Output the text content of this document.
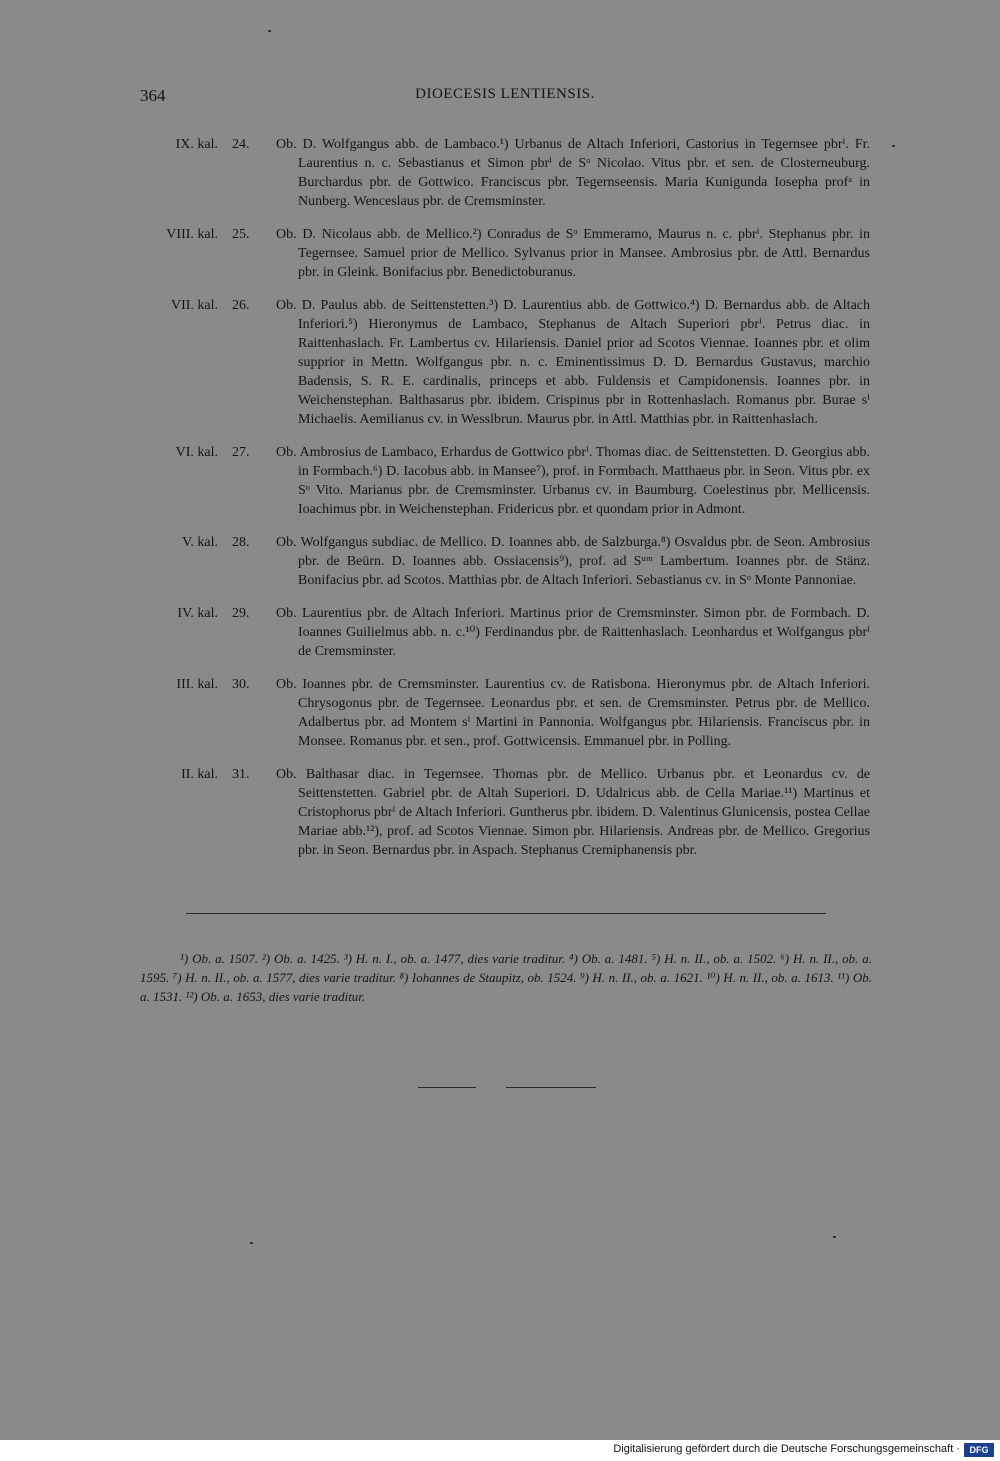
364	DIOECESIS LENTIENSIS.
IX. kal. 24.	Ob. D. Wolfgangus abb. de Lambaco.¹) Urbanus de Altach Inferiori, Castorius in Tegernsee pbrⁱ. Fr. Laurentius n. c. Sebastianus et Simon pbrⁱ de Sᵒ Nicolao. Vitus pbr. et sen. de Closterneuburg. Burchardus pbr. de Gottwico. Franciscus pbr. Tegernseensis. Maria Kunigunda Iosepha profᵃ in Nunberg. Wenceslaus pbr. de Cremsminster.

VIII. kal. 25.	Ob. D. Nicolaus abb. de Mellico.²) Conradus de Sᵒ Emmeramo, Maurus n. c. pbrⁱ. Stephanus pbr. in Tegernsee. Samuel prior de Mellico. Sylvanus prior in Mansee. Ambrosius pbr. de Attl. Bernardus pbr. in Gleink. Bonifacius pbr. Benedictoburanus.

VII. kal. 26.	Ob. D. Paulus abb. de Seittenstetten.³) D. Laurentius abb. de Gottwico.⁴) D. Bernardus abb. de Altach Inferiori.⁵) Hieronymus de Lambaco, Stephanus de Altach Superiori pbrⁱ. Petrus diac. in Raittenhaslach. Fr. Lambertus cv. Hilariensis. Daniel prior ad Scotos Viennae. Ioannes pbr. et olim supprior in Mettn. Wolfgangus pbr. n. c. Eminentissimus D. D. Bernardus Gustavus, marchio Badensis, S. R. E. cardinalis, princeps et abb. Fuldensis et Campidonensis. Ioannes pbr. in Weichenstephan. Balthasarus pbr. ibidem. Crispinus pbr in Rottenhaslach. Romanus pbr. Burae sⁱ Michaelis. Aemilianus cv. in Wesslbrun. Maurus pbr. in Attl. Matthias pbr. in Raittenhaslach.

VI. kal. 27.	Ob. Ambrosius de Lambaco, Erhardus de Gottwico pbrⁱ. Thomas diac. de Seittenstetten. D. Georgius abb. in Formbach.⁶) D. Iacobus abb. in Mansee⁷), prof. in Formbach. Matthaeus pbr. in Seon. Vitus pbr. ex Sᵒ Vito. Marianus pbr. de Cremsminster. Urbanus cv. in Baumburg. Coelestinus pbr. Mellicensis. Ioachimus pbr. in Weichenstephan. Fridericus pbr. et quondam prior in Admont.

V. kal. 28.	Ob. Wolfgangus subdiac. de Mellico. D. Ioannes abb. de Salzburga.⁸) Osvaldus pbr. de Seon. Ambrosius pbr. de Beürn. D. Ioannes abb. Ossiacensis⁹), prof. ad Sᵘᵐ Lambertum. Ioannes pbr. de Stänz. Bonifacius pbr. ad Scotos. Matthias pbr. de Altach Inferiori. Sebastianus cv. in Sᵒ Monte Pannoniae.

IV. kal. 29.	Ob. Laurentius pbr. de Altach Inferiori. Martinus prior de Cremsminster. Simon pbr. de Formbach. D. Ioannes Guilielmus abb. n. c.¹⁰) Ferdinandus pbr. de Raittenhaslach. Leonhardus et Wolfgangus pbrⁱ de Cremsminster.

III. kal. 30.	Ob. Ioannes pbr. de Cremsminster. Laurentius cv. de Ratisbona. Hieronymus pbr. de Altach Inferiori. Chrysogonus pbr. de Tegernsee. Leonardus pbr. et sen. de Cremsminster. Petrus pbr. de Mellico. Adalbertus pbr. ad Montem sⁱ Martini in Pannonia. Wolfgangus pbr. Hilariensis. Franciscus pbr. in Monsee. Romanus pbr. et sen., prof. Gottwicensis. Emmanuel pbr. in Polling.

II. kal. 31.	Ob. Balthasar diac. in Tegernsee. Thomas pbr. de Mellico. Urbanus pbr. et Leonardus cv. de Seittenstetten. Gabriel pbr. de Altah Superiori. D. Udalricus abb. de Cella Mariae.¹¹) Martinus et Cristophorus pbrⁱ de Altach Inferiori. Guntherus pbr. ibidem. D. Valentinus Glunicensis, postea Cellae Mariae abb.¹²), prof. ad Scotos Viennae. Simon pbr. Hilariensis. Andreas pbr. de Mellico. Gregorius pbr. in Seon. Bernardus pbr. in Aspach. Stephanus Cremiphanensis pbr.

¹) Ob. a. 1507. ²) Ob. a. 1425. ³) H. n. I., ob. a. 1477, dies varie traditur. ⁴) Ob. a. 1481. ⁵) H. n. II., ob. a. 1502. ⁶) H. n. II., ob. a. 1595. ⁷) H. n. II., ob. a. 1577, dies varie traditur. ⁸) Iohannes de Staupitz, ob. 1524. ⁹) H. n. II., ob. a. 1621. ¹⁰) H. n. II., ob. a. 1613. ¹¹) Ob. a. 1531. ¹²) Ob. a. 1653, dies varie traditur.

Digitalisierung gefördert durch die Deutsche Forschungsgemeinschaft ·	DFG
